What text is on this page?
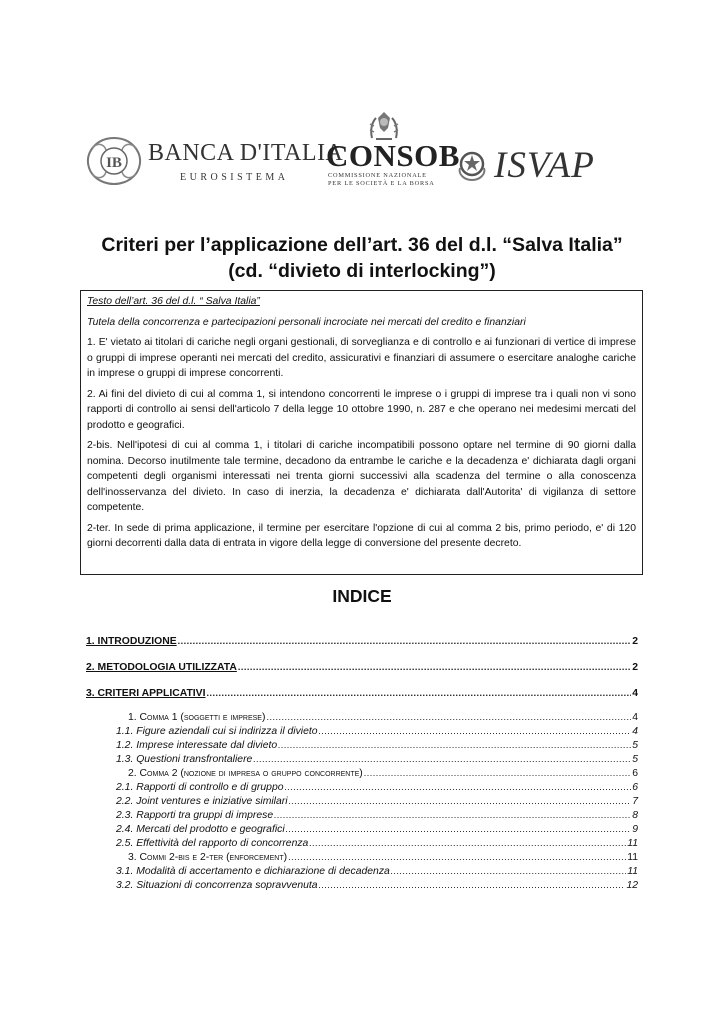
IB BANCA D'ITALIA
EUROSISTEMA
CONSOB
COMMISSIONE NAZIONALE
PER LE SOCIETÀ E LA BORSA ISVAP
Criteri per l’applicazione dell’art. 36 del d.l. “Salva Italia”
(cd. “divieto di interlocking”)

Testo dell’art. 36 del d.l. “ Salva Italia”

Tutela della concorrenza e partecipazioni personali incrociate nei mercati del credito e finanziari

1. E' vietato ai titolari di cariche negli organi gestionali, di sorveglianza e di controllo e ai funzionari di vertice di imprese o gruppi di imprese operanti nei mercati del credito, assicurativi e finanziari di assumere o esercitare analoghe cariche in imprese o gruppi di imprese concorrenti.

2. Ai fini del divieto di cui al comma 1, si intendono concorrenti le imprese o i gruppi di imprese tra i quali non vi sono rapporti di controllo ai sensi dell'articolo 7 della legge 10 ottobre 1990, n. 287 e che operano nei medesimi mercati del prodotto e geografici.

2-bis. Nell'ipotesi di cui al comma 1, i titolari di cariche incompatibili possono optare nel termine di 90 giorni dalla nomina. Decorso inutilmente tale termine, decadono da entrambe le cariche e la decadenza e' dichiarata dagli organi competenti degli organismi interessati nei trenta giorni successivi alla scadenza del termine o alla conoscenza dell'inosservanza del divieto. In caso di inerzia, la decadenza e' dichiarata dall'Autorita' di vigilanza di settore competente.

2-ter. In sede di prima applicazione, il termine per esercitare l'opzione di cui al comma 2 bis, primo periodo, e' di 120 giorni decorrenti dalla data di entrata in vigore della legge di conversione del presente decreto.

INDICE
1. INTRODUZIONE .....	2
2. METODOLOGIA UTILIZZATA .....	2
3. CRITERI APPLICATIVI .....	4
1. Comma 1 (soggetti e imprese) .....	4
1.1. Figure aziendali cui si indirizza il divieto .....	4
1.2. Imprese interessate dal divieto .....	5
1.3. Questioni transfrontaliere .....	5
2. Comma 2 (nozione di impresa o gruppo concorrente) .....	6
2.1. Rapporti di controllo e di gruppo .....	6
2.2. Joint ventures e iniziative similari .....	7
2.3. Rapporti tra gruppi di imprese .....	8
2.4. Mercati del prodotto e geografici .....	9
2.5. Effettività del rapporto di concorrenza .....	11
3. Commi 2-bis e 2-ter (enforcement) .....	11
3.1. Modalità di accertamento e dichiarazione di decadenza .....	11
3.2. Situazioni di concorrenza sopravvenuta .....	12
